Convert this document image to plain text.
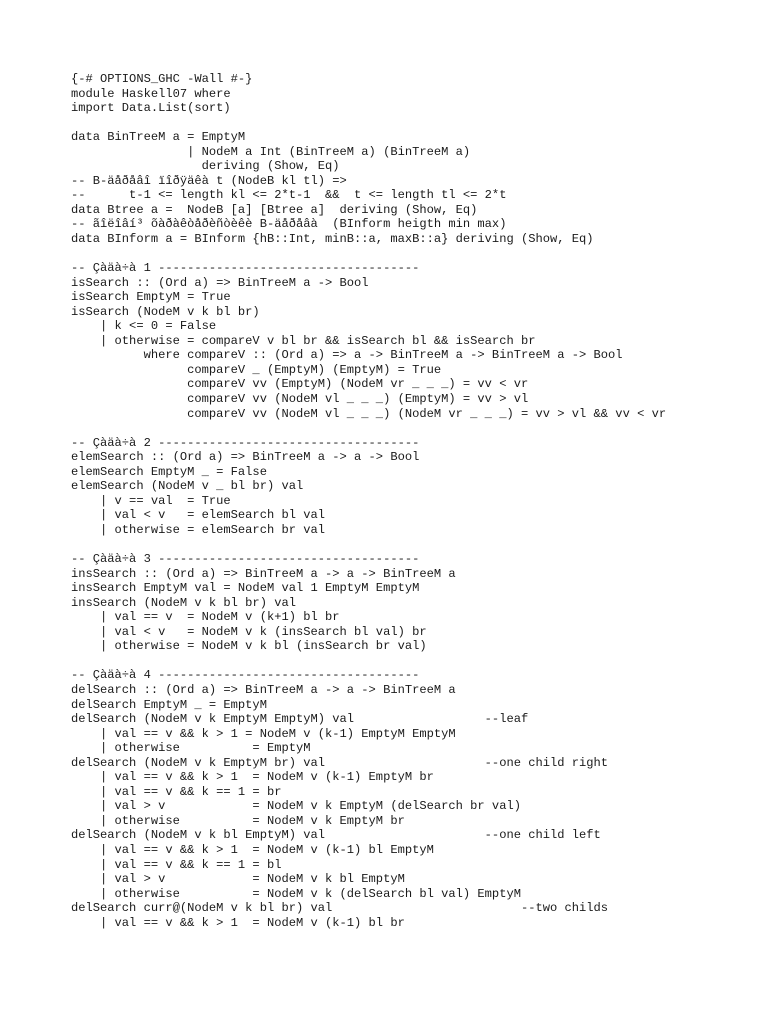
{-# OPTIONS_GHC -Wall #-}
module Haskell07 where
import Data.List(sort)
data BinTreeM a = EmptyM
| NodeM a Int (BinTreeM a) (BinTreeM a)
deriving (Show, Eq)
-- B-äåðåâî ïîðÿäêà t (NodeB kl tl) =>
--      t-1 <= length kl <= 2*t-1  &&  t <= length tl <= 2*t
data Btree a =  NodeB [a] [Btree a]  deriving (Show, Eq)
-- ãîëîâí³ õàðàêòåðèñòèêè B-äåðåâà  (BInform heigth min max)
data BInform a = BInform {hB::Int, minB::a, maxB::a} deriving (Show, Eq)
-- Çàäà÷à 1 ------------------------------------
isSearch :: (Ord a) => BinTreeM a -> Bool
isSearch EmptyM = True
isSearch (NodeM v k bl br)
| k <= 0 = False
| otherwise = compareV v bl br && isSearch bl && isSearch br
where compareV :: (Ord a) => a -> BinTreeM a -> BinTreeM a -> Bool
compareV _ (EmptyM) (EmptyM) = True
compareV vv (EmptyM) (NodeM vr _ _ _) = vv < vr
compareV vv (NodeM vl _ _ _) (EmptyM) = vv > vl
compareV vv (NodeM vl _ _ _) (NodeM vr _ _ _) = vv > vl && vv < vr
-- Çàäà÷à 2 ------------------------------------
elemSearch :: (Ord a) => BinTreeM a -> a -> Bool
elemSearch EmptyM _ = False
elemSearch (NodeM v _ bl br) val
| v == val  = True
| val < v   = elemSearch bl val
| otherwise = elemSearch br val
-- Çàäà÷à 3 ------------------------------------
insSearch :: (Ord a) => BinTreeM a -> a -> BinTreeM a
insSearch EmptyM val = NodeM val 1 EmptyM EmptyM
insSearch (NodeM v k bl br) val
| val == v  = NodeM v (k+1) bl br
| val < v   = NodeM v k (insSearch bl val) br
| otherwise = NodeM v k bl (insSearch br val)
-- Çàäà÷à 4 ------------------------------------
delSearch :: (Ord a) => BinTreeM a -> a -> BinTreeM a
delSearch EmptyM _ = EmptyM
delSearch (NodeM v k EmptyM EmptyM) val                  --leaf
| val == v && k > 1 = NodeM v (k-1) EmptyM EmptyM
| otherwise          = EmptyM
delSearch (NodeM v k EmptyM br) val                      --one child right
| val == v && k > 1  = NodeM v (k-1) EmptyM br
| val == v && k == 1 = br
| val > v            = NodeM v k EmptyM (delSearch br val)
| otherwise          = NodeM v k EmptyM br
delSearch (NodeM v k bl EmptyM) val                      --one child left
| val == v && k > 1  = NodeM v (k-1) bl EmptyM
| val == v && k == 1 = bl
| val > v            = NodeM v k bl EmptyM
| otherwise          = NodeM v k (delSearch bl val) EmptyM
delSearch curr@(NodeM v k bl br) val                          --two childs
| val == v && k > 1  = NodeM v (k-1) bl br
